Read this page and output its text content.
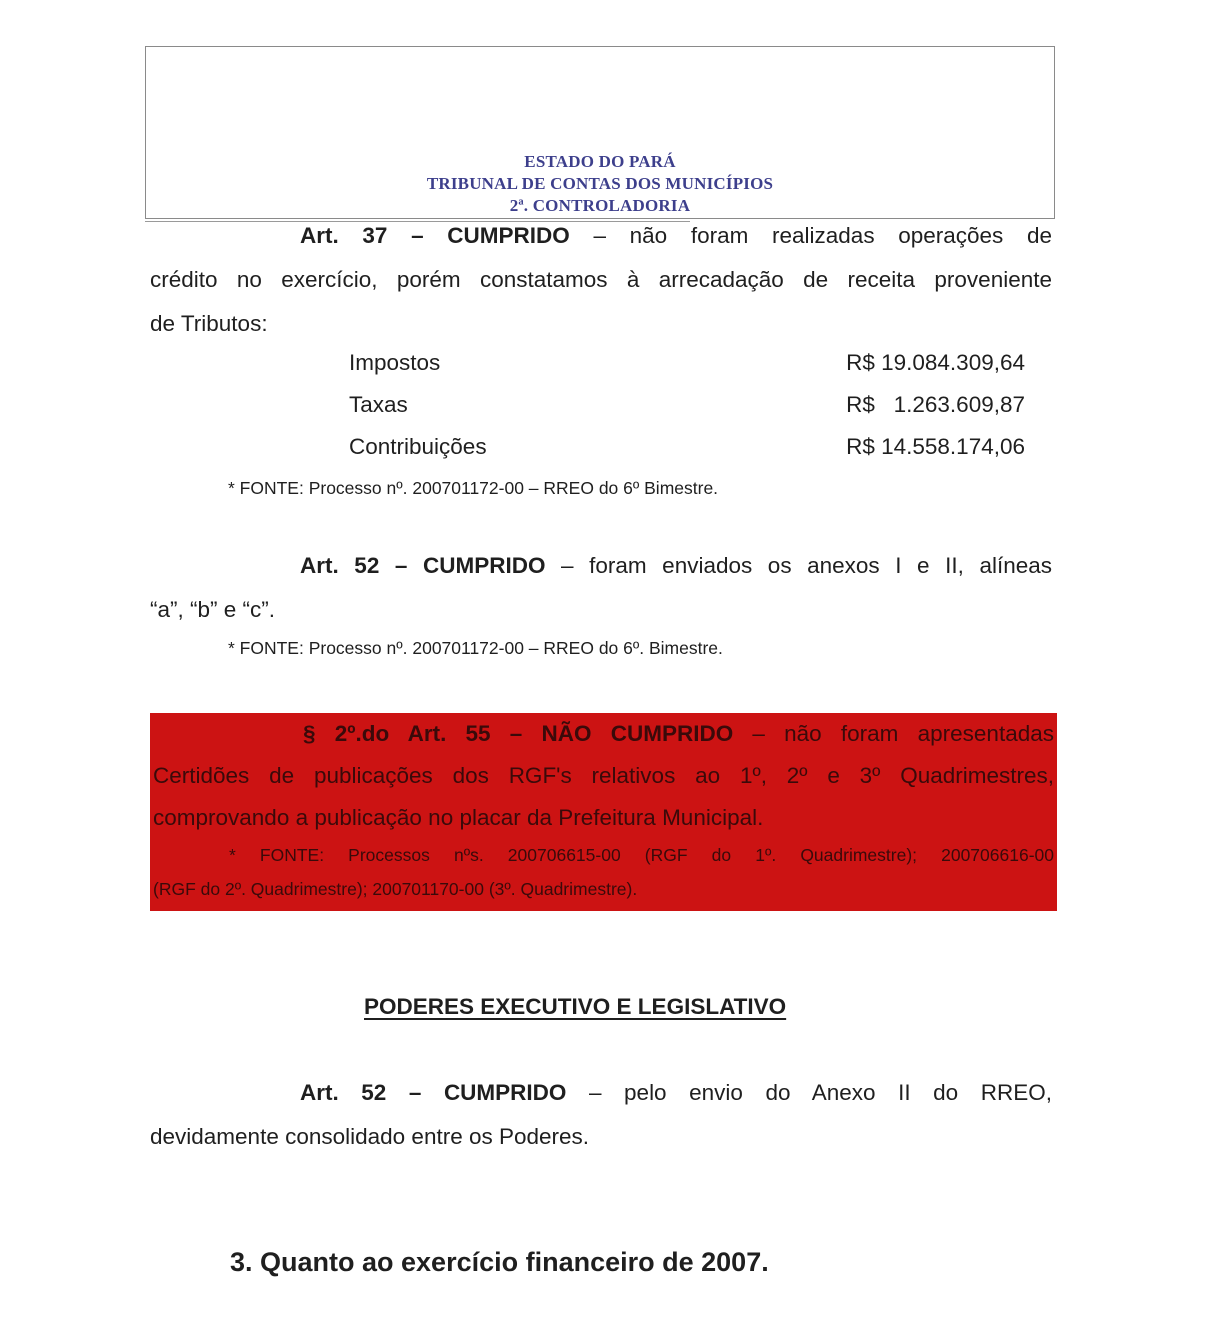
ESTADO DO PARÁ
TRIBUNAL DE CONTAS DOS MUNICÍPIOS
2ª. CONTROLADORIA
Art. 37 – CUMPRIDO – não foram realizadas operações de
crédito no exercício, porém constatamos à arrecadação de receita proveniente
de Tributos:
Impostos	R$ 19.084.309,64
Taxas	R$   1.263.609,87
Contribuições	R$ 14.558.174,06
* FONTE: Processo nº. 200701172-00 – RREO do 6º Bimestre.
Art. 52 – CUMPRIDO – foram enviados os anexos I e II, alíneas
“a”, “b” e “c”.
* FONTE: Processo nº. 200701172-00 – RREO do 6º. Bimestre.
§ 2º.do Art. 55 – NÃO CUMPRIDO – não foram apresentadas
Certidões de publicações dos RGF's relativos ao 1º, 2º e 3º Quadrimestres,
comprovando a publicação no placar da Prefeitura Municipal.
* FONTE: Processos nºs. 200706615-00 (RGF do 1º. Quadrimestre); 200706616-00
(RGF do 2º. Quadrimestre); 200701170-00 (3º. Quadrimestre).
PODERES EXECUTIVO E LEGISLATIVO
Art. 52 – CUMPRIDO – pelo envio do Anexo II do RREO,
devidamente consolidado entre os Poderes.
3. Quanto ao exercício financeiro de 2007.
